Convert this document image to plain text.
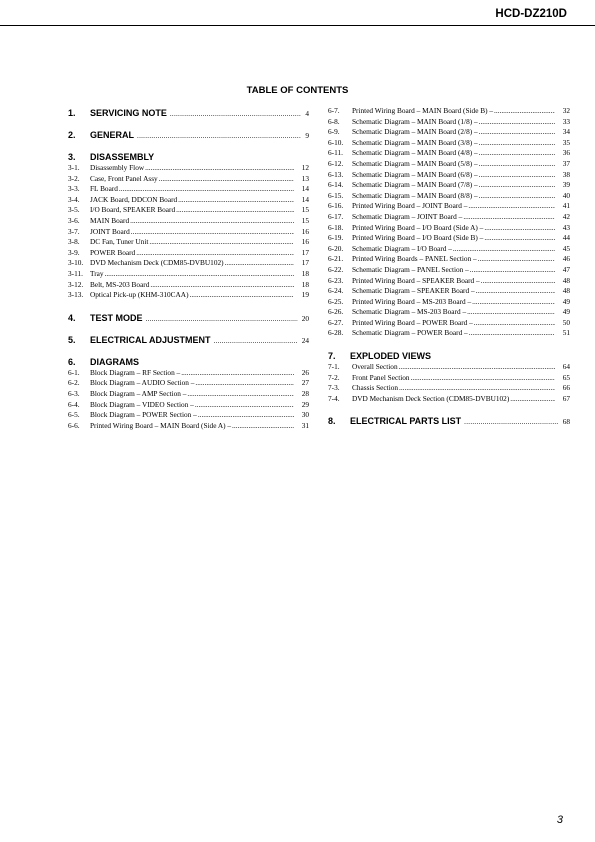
HCD-DZ210D
TABLE OF CONTENTS
1.	SERVICING NOTE .....	4
2.	GENERAL .....	9
3.	DISASSEMBLY
3-1.	Disassembly Flow .....	12
3-2.	Case, Front Panel Assy .....	13
3-3.	FL Board .....	14
3-4.	JACK Board, DDCON Board .....	14
3-5.	I/O Board, SPEAKER Board .....	15
3-6.	MAIN Board .....	15
3-7.	JOINT Board .....	16
3-8.	DC Fan, Tuner Unit .....	16
3-9.	POWER Board .....	17
3-10. DVD Mechanism Deck (CDM85-DVBU102) .....	17
3-11. Tray .....	18
3-12. Belt, MS-203 Board .....	18
3-13. Optical Pick-up (KHM-310CAA) .....	19
4.	TEST MODE .....	20
5.	ELECTRICAL ADJUSTMENT .....	24
6.	DIAGRAMS
6-1.	Block Diagram – RF Section – .....	26
6-2.	Block Diagram – AUDIO Section – .....	27
6-3.	Block Diagram – AMP Section – .....	28
6-4.	Block Diagram – VIDEO Section – .....	29
6-5.	Block Diagram – POWER Section – .....	30
6-6.	Printed Wiring Board – MAIN Board (Side A) – .....	31
6-7.	Printed Wiring Board – MAIN Board (Side B) – .....	32
6-8.	Schematic Diagram – MAIN Board (1/8) – .....	33
6-9.	Schematic Diagram – MAIN Board (2/8) – .....	34
6-10.	Schematic Diagram – MAIN Board (3/8) – .....	35
6-11.	Schematic Diagram – MAIN Board (4/8) – .....	36
6-12.	Schematic Diagram – MAIN Board (5/8) – .....	37
6-13.	Schematic Diagram – MAIN Board (6/8) – .....	38
6-14.	Schematic Diagram – MAIN Board (7/8) – .....	39
6-15.	Schematic Diagram – MAIN Board (8/8) – .....	40
6-16.	Printed Wiring Board – JOINT Board – .....	41
6-17.	Schematic Diagram – JOINT Board – .....	42
6-18.	Printed Wiring Board – I/O Board (Side A) – .....	43
6-19.	Printed Wiring Board – I/O Board (Side B) – .....	44
6-20.	Schematic Diagram – I/O Board – .....	45
6-21.	Printed Wiring Boards – PANEL Section – .....	46
6-22.	Schematic Diagram – PANEL Section – .....	47
6-23.	Printed Wiring Board – SPEAKER Board – .....	48
6-24.	Schematic Diagram – SPEAKER Board – .....	48
6-25.	Printed Wiring Board – MS-203 Board – .....	49
6-26.	Schematic Diagram – MS-203 Board – .....	49
6-27.	Printed Wiring Board – POWER Board – .....	50
6-28.	Schematic Diagram – POWER Board – .....	51
7.	EXPLODED VIEWS
7-1.	Overall Section .....	64
7-2.	Front Panel Section .....	65
7-3.	Chassis Section .....	66
7-4.	DVD Mechanism Deck Section (CDM85-DVBU102) .....	67
8.	ELECTRICAL PARTS LIST .....	68
3
